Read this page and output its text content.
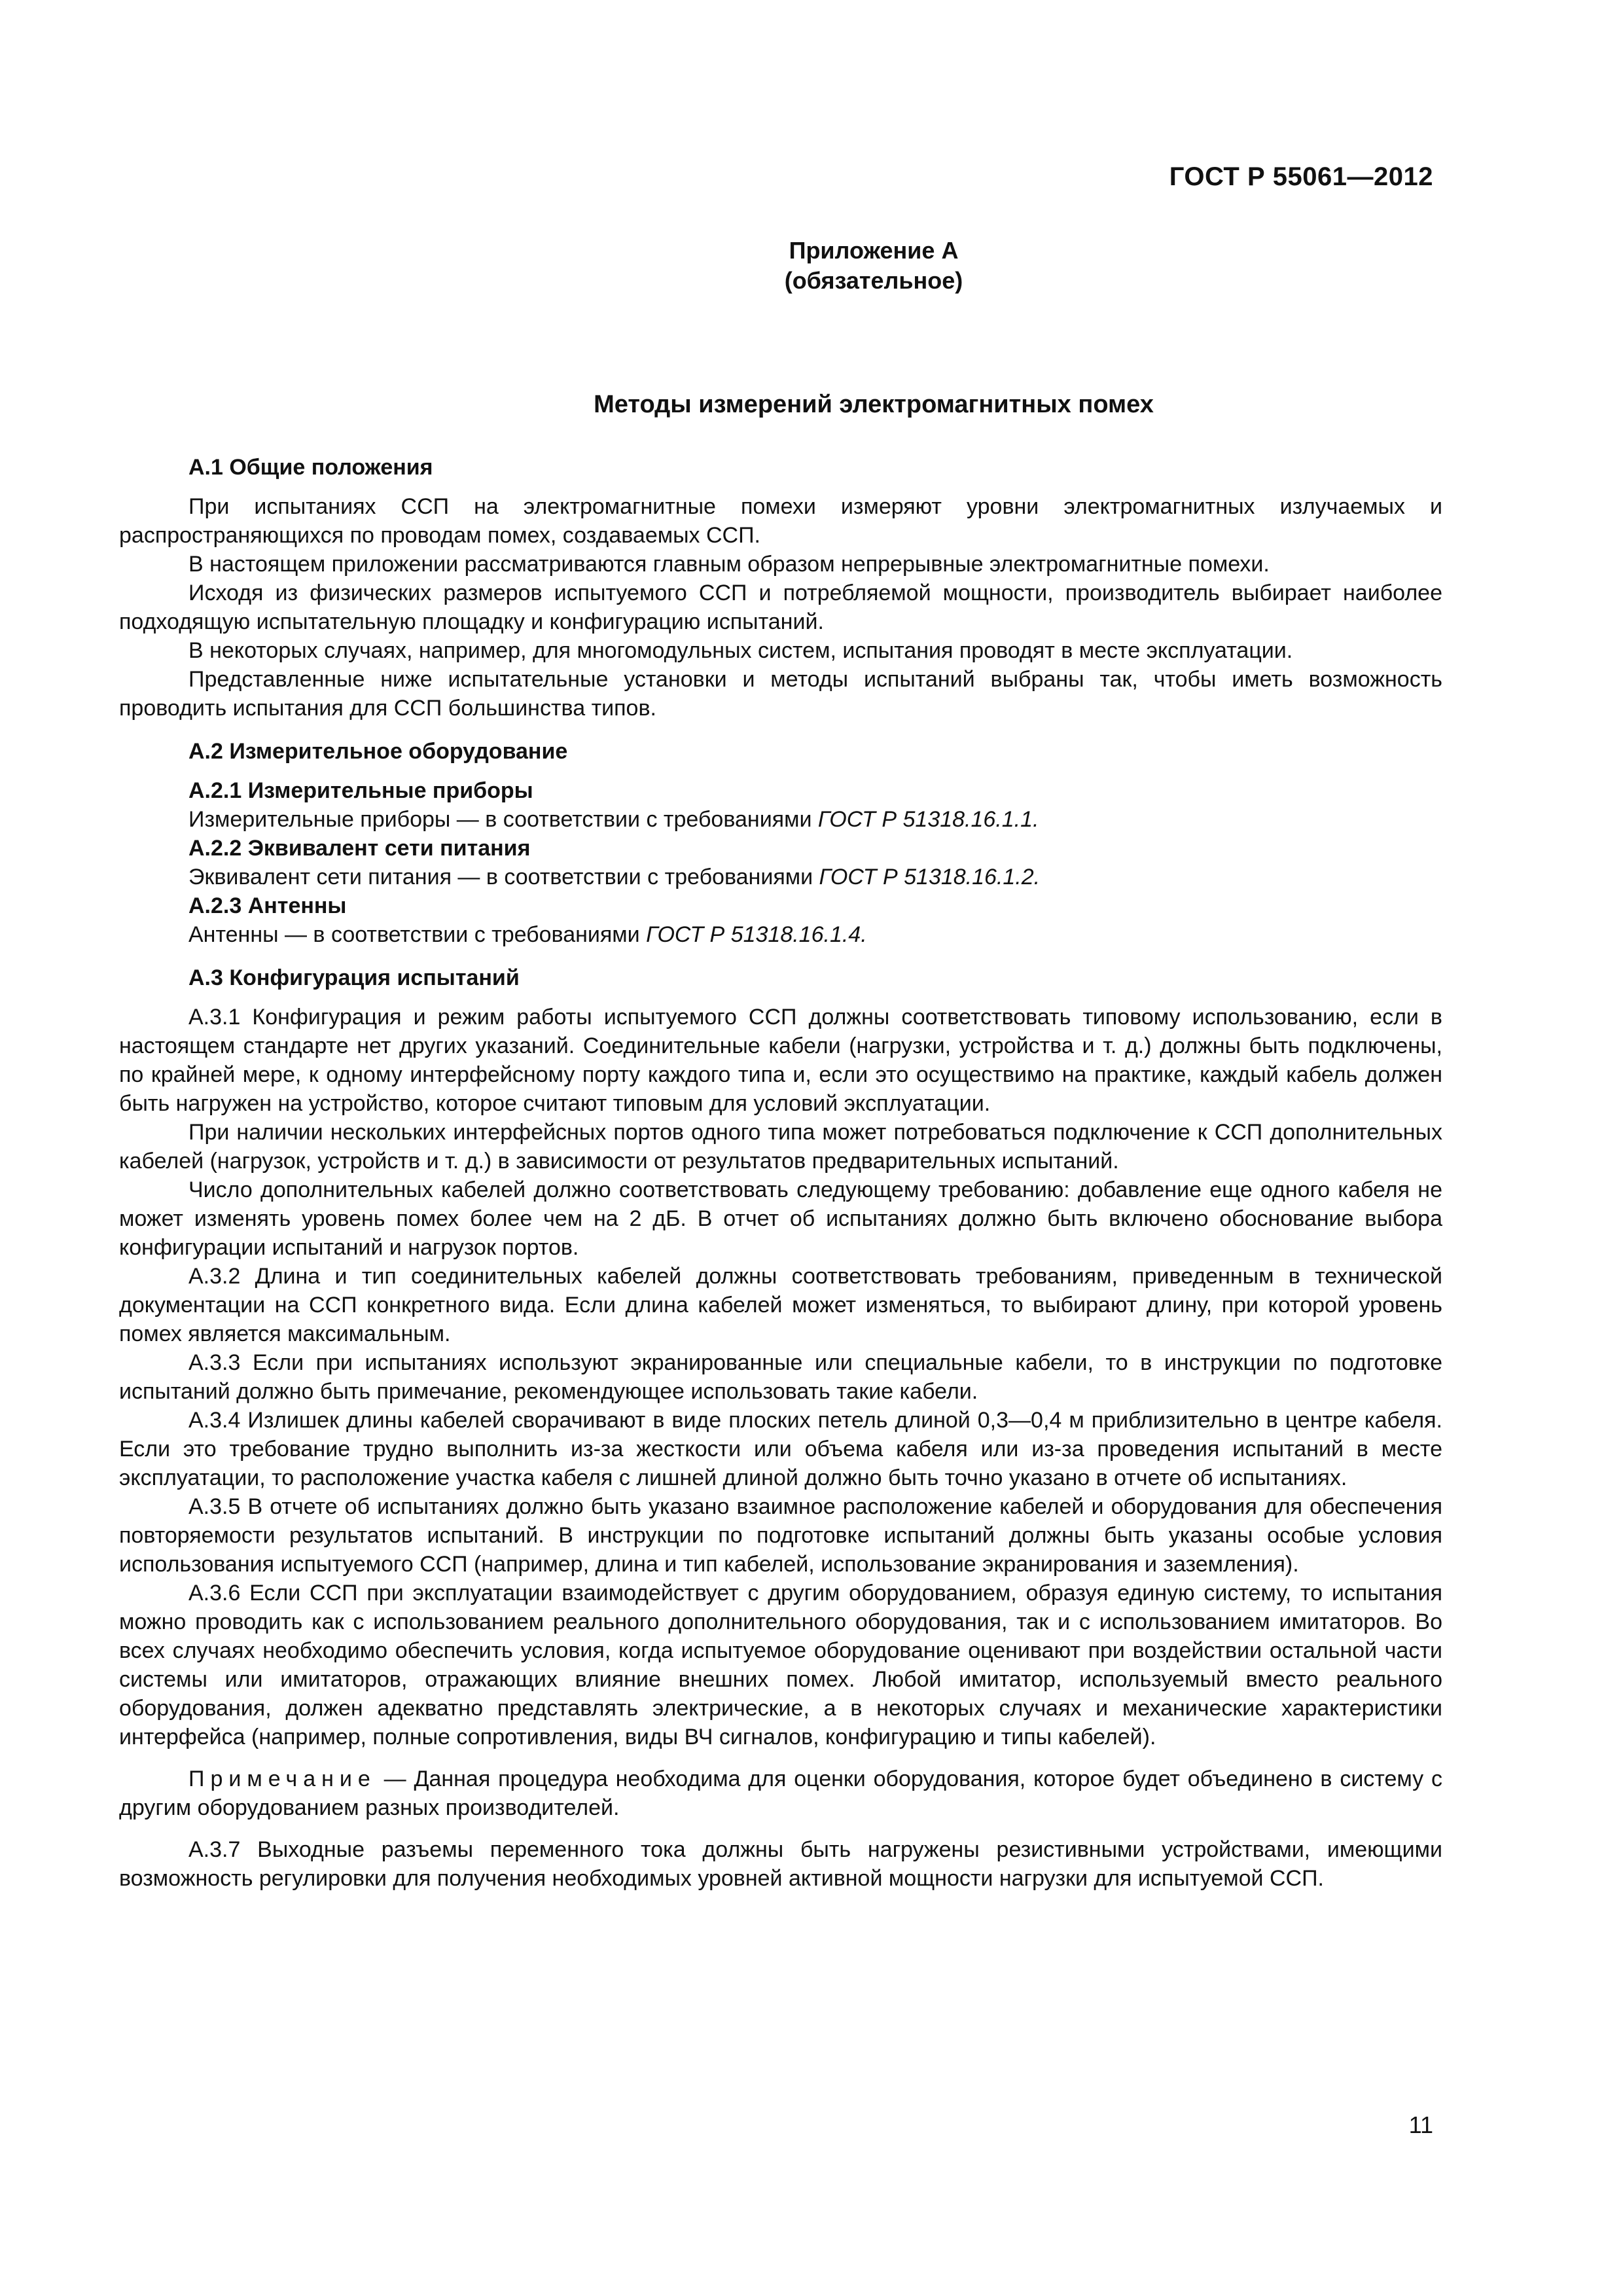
ГОСТ Р 55061—2012
Приложение А
(обязательное)
Методы измерений электромагнитных помех
А.1 Общие положения

При испытаниях ССП на электромагнитные помехи измеряют уровни электромагнитных излучаемых и распространяющихся по проводам помех, создаваемых ССП.

В настоящем приложении рассматриваются главным образом непрерывные электромагнитные помехи.

Исходя из физических размеров испытуемого ССП и потребляемой мощности, производитель выбирает наиболее подходящую испытательную площадку и конфигурацию испытаний.

В некоторых случаях, например, для многомодульных систем, испытания проводят в месте эксплуатации.

Представленные ниже испытательные установки и методы испытаний выбраны так, чтобы иметь возможность проводить испытания для ССП большинства типов.

А.2 Измерительное оборудование
А.2.1 Измерительные приборы

Измерительные приборы — в соответствии с требованиями ГОСТ Р 51318.16.1.1.

А.2.2 Эквивалент сети питания

Эквивалент сети питания — в соответствии с требованиями ГОСТ Р 51318.16.1.2.

А.2.3 Антенны

Антенны — в соответствии с требованиями ГОСТ Р 51318.16.1.4.

А.3 Конфигурация испытаний

А.3.1 Конфигурация и режим работы испытуемого ССП должны соответствовать типовому использованию, если в настоящем стандарте нет других указаний. Соединительные кабели (нагрузки, устройства и т. д.) должны быть подключены, по крайней мере, к одному интерфейсному порту каждого типа и, если это осуществимо на практике, каждый кабель должен быть нагружен на устройство, которое считают типовым для условий эксплуатации.

При наличии нескольких интерфейсных портов одного типа может потребоваться подключение к ССП дополнительных кабелей (нагрузок, устройств и т. д.) в зависимости от результатов предварительных испытаний.

Число дополнительных кабелей должно соответствовать следующему требованию: добавление еще одного кабеля не может изменять уровень помех более чем на 2 дБ. В отчет об испытаниях должно быть включено обоснование выбора конфигурации испытаний и нагрузок портов.

А.3.2 Длина и тип соединительных кабелей должны соответствовать требованиям, приведенным в технической документации на ССП конкретного вида. Если длина кабелей может изменяться, то выбирают длину, при которой уровень помех является максимальным.

А.3.3 Если при испытаниях используют экранированные или специальные кабели, то в инструкции по подготовке испытаний должно быть примечание, рекомендующее использовать такие кабели.

А.3.4 Излишек длины кабелей сворачивают в виде плоских петель длиной 0,3—0,4 м приблизительно в центре кабеля. Если это требование трудно выполнить из-за жесткости или объема кабеля или из-за проведения испытаний в месте эксплуатации, то расположение участка кабеля с лишней длиной должно быть точно указано в отчете об испытаниях.

А.3.5 В отчете об испытаниях должно быть указано взаимное расположение кабелей и оборудования для обеспечения повторяемости результатов испытаний. В инструкции по подготовке испытаний должны быть указаны особые условия использования испытуемого ССП (например, длина и тип кабелей, использование экранирования и заземления).

А.3.6 Если ССП при эксплуатации взаимодействует с другим оборудованием, образуя единую систему, то испытания можно проводить как с использованием реального дополнительного оборудования, так и с использованием имитаторов. Во всех случаях необходимо обеспечить условия, когда испытуемое оборудование оценивают при воздействии остальной части системы или имитаторов, отражающих влияние внешних помех. Любой имитатор, используемый вместо реального оборудования, должен адекватно представлять электрические, а в некоторых случаях и механические характеристики интерфейса (например, полные сопротивления, виды ВЧ сигналов, конфигурацию и типы кабелей).

Примечание — Данная процедура необходима для оценки оборудования, которое будет объединено в систему с другим оборудованием разных производителей.

А.3.7 Выходные разъемы переменного тока должны быть нагружены резистивными устройствами, имеющими возможность регулировки для получения необходимых уровней активной мощности нагрузки для испытуемой ССП.

11
